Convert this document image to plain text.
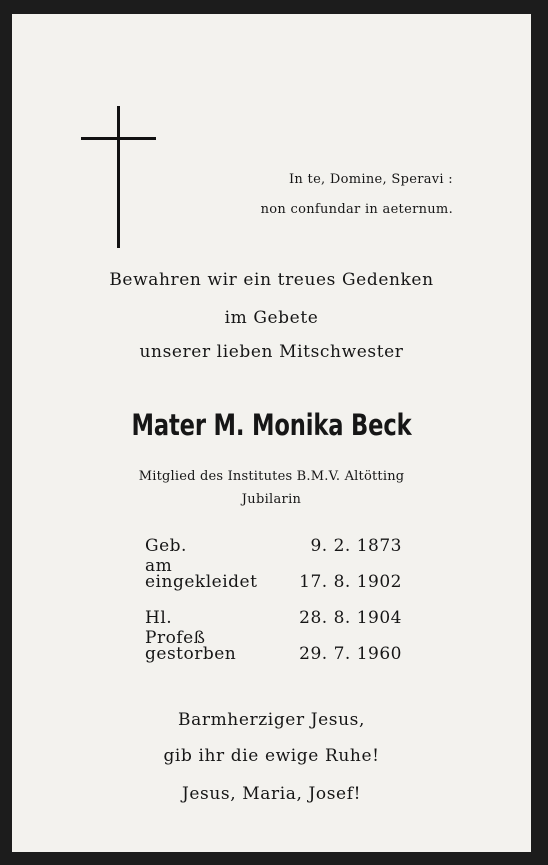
In te, Domine, Speravi :
non confundar in aeternum.
Bewahren wir ein treues Gedenken
im Gebete
unserer lieben Mitschwester
Mater M. Monika Beck
Mitglied des Institutes B.M.V. Altötting
Jubilarin
Geb. am
9. 2. 1873
eingekleidet 17. 8. 1902
Hl. Profeß
28. 8. 1904
gestorben	29. 7. 1960
Barmherziger Jesus,
gib ihr die ewige Ruhe!
Jesus, Maria, Josef!
